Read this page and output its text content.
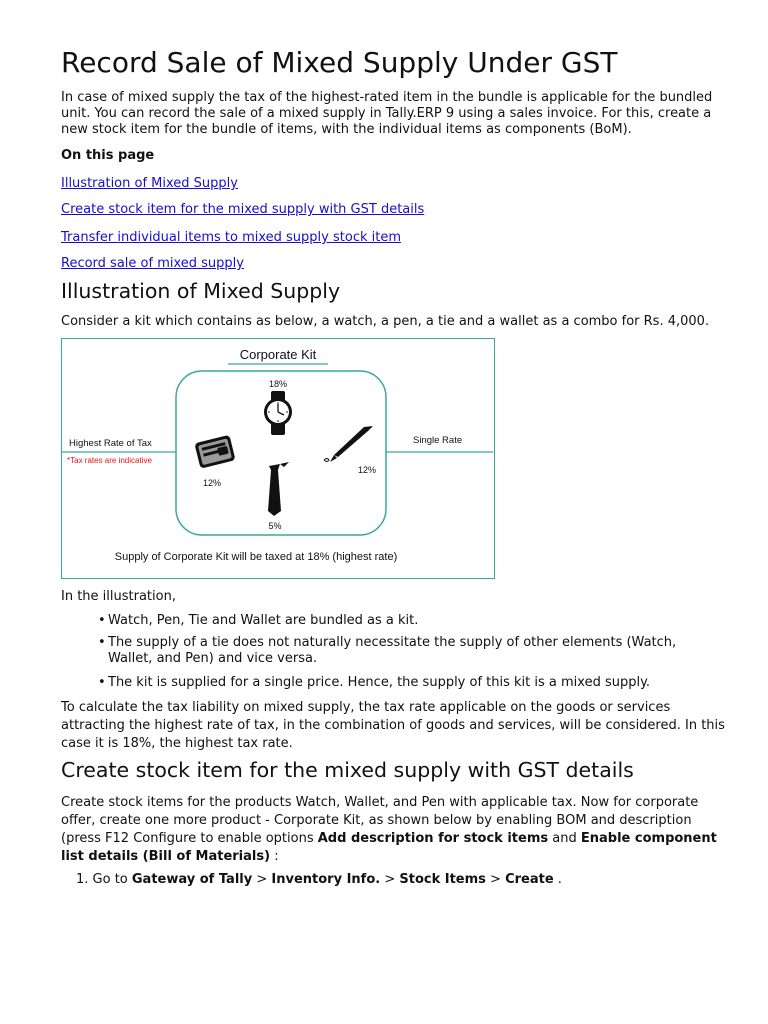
Record Sale of Mixed Supply Under GST

In case of mixed supply the tax of the highest-rated item in the bundle is applicable for the bundled unit. You can record the sale of a mixed supply in Tally.ERP 9 using a sales invoice. For this, create a new stock item for the bundle of items, with the individual items as components (BoM).

On this page
Illustration of Mixed Supply
Create stock item for the mixed supply with GST details
Transfer individual items to mixed supply stock item
Record sale of mixed supply
Illustration of Mixed Supply

Consider a kit which contains as below, a watch, a pen, a tie and a wallet as a combo for Rs. 4,000.

Corporate Kit
Highest Rate of Tax
*Tax rates are indicative
Single Rate
18%
12%
12%
5%
Supply of Corporate Kit will be taxed at 18% (highest rate)
In the illustration,
• Watch, Pen, Tie and Wallet are bundled as a kit.
• The supply of a tie does not naturally necessitate the supply of other elements (Watch, Wallet, and Pen) and vice versa.
• The kit is supplied for a single price. Hence, the supply of this kit is a mixed supply.

To calculate the tax liability on mixed supply, the tax rate applicable on the goods or services attracting the highest rate of tax, in the combination of goods and services, will be considered. In this case it is 18%, the highest tax rate.

Create stock item for the mixed supply with GST details

Create stock items for the products Watch, Wallet, and Pen with applicable tax. Now for corporate offer, create one more product - Corporate Kit, as shown below by enabling BOM and description (press F12 Configure to enable options Add description for stock items and Enable component list details (Bill of Materials) :

1. Go to Gateway of Tally > Inventory Info. > Stock Items > Create .
